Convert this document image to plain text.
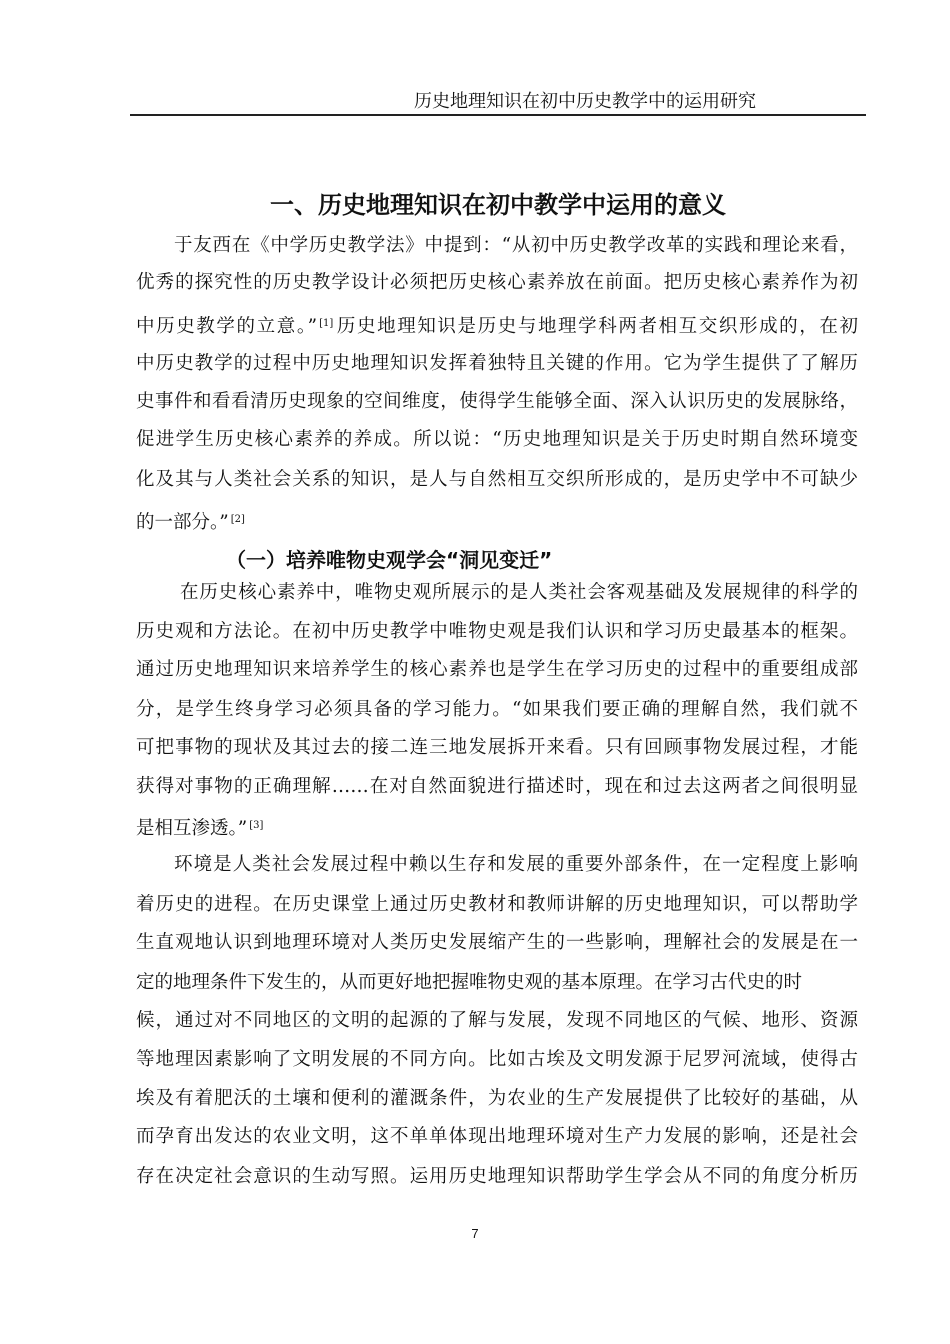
历史地理知识在初中历史教学中的运用研究
一、历史地理知识在初中教学中运用的意义
于友西在《中学历史教学法》中提到：“从初中历史教学改革的实践和理论来看，
优秀的探究性的历史教学设计必须把历史核心素养放在前面。把历史核心素养作为初
中历史教学的立意。” [1] 历史地理知识是历史与地理学科两者相互交织形成的，在初
中历史教学的过程中历史地理知识发挥着独特且关键的作用。它为学生提供了了解历
史事件和看看清历史现象的空间维度，使得学生能够全面、深入认识历史的发展脉络，
促进学生历史核心素养的养成。所以说：“历史地理知识是关于历史时期自然环境变
化及其与人类社会关系的知识，是人与自然相互交织所形成的，是历史学中不可缺少
的一部分。” [2]
（一）培养唯物史观学会“洞见变迁”
在历史核心素养中，唯物史观所展示的是人类社会客观基础及发展规律的科学的
历史观和方法论。在初中历史教学中唯物史观是我们认识和学习历史最基本的框架。
通过历史地理知识来培养学生的核心素养也是学生在学习历史的过程中的重要组成部
分，是学生终身学习必须具备的学习能力。“如果我们要正确的理解自然，我们就不
可把事物的现状及其过去的接二连三地发展拆开来看。只有回顾事物发展过程，才能
获得对事物的正确理解……在对自然面貌进行描述时，现在和过去这两者之间很明显
是相互渗透。” [3]
环境是人类社会发展过程中赖以生存和发展的重要外部条件，在一定程度上影响
着历史的进程。在历史课堂上通过历史教材和教师讲解的历史地理知识，可以帮助学
生直观地认识到地理环境对人类历史发展缩产生的一些影响，理解社会的发展是在一
定的地理条件下发生的，从而更好地把握唯物史观的基本原理。在学习古代史的时
候，通过对不同地区的文明的起源的了解与发展，发现不同地区的气候、地形、资源
等地理因素影响了文明发展的不同方向。比如古埃及文明发源于尼罗河流域，使得古
埃及有着肥沃的土壤和便利的灌溉条件，为农业的生产发展提供了比较好的基础，从
而孕育出发达的农业文明，这不单单体现出地理环境对生产力发展的影响，还是社会
存在决定社会意识的生动写照。运用历史地理知识帮助学生学会从不同的角度分析历
7
